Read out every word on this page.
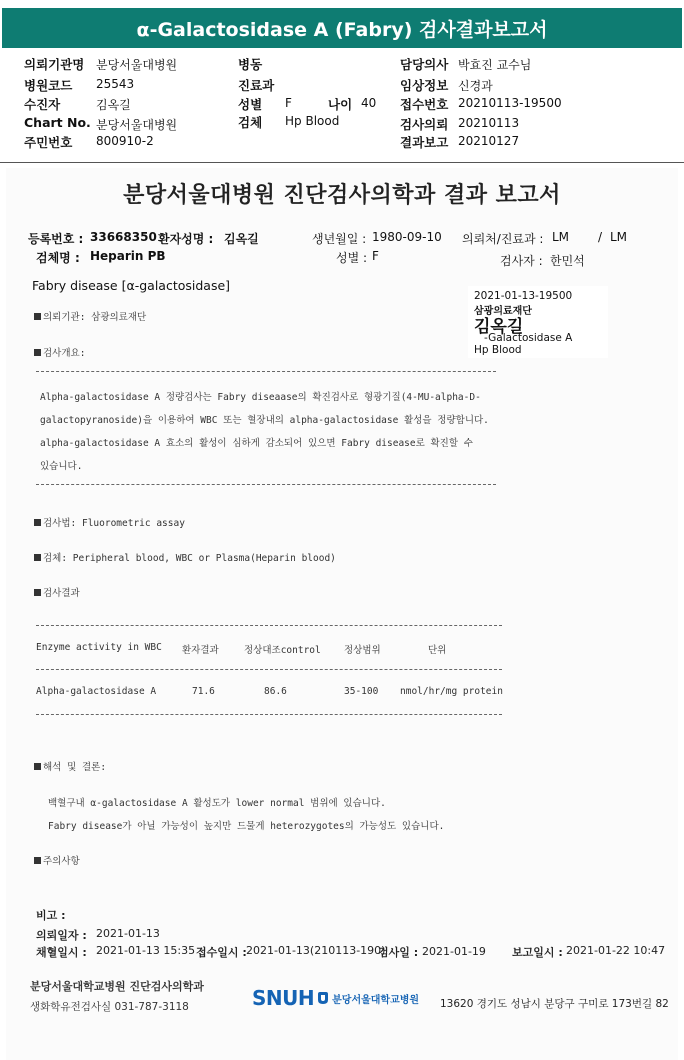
α-Galactosidase A (Fabry) 검사결과보고서
의뢰기관명 분당서울대병원
병원코드 25543
수진자	김옥길
Chart No. 분당서울대병원
주민번호 800910-2
병동
진료과
성별 F	나이 40
검체 Hp Blood
담당의사 박효진 교수님
임상정보 신경과
접수번호 20210113-19500
검사의뢰 20210113
결과보고 20210127
분당서울대병원 진단검사의학과 결과 보고서
등록번호 : 33668350 환자성명 : 김옥길	생년월일 : 1980-09-10 의뢰처/진료과 : LM / LM
검체명 : Heparin PB	성별 : F	검사자 : 한민석
Fabry disease [α-galactosidase]
2021-01-13-19500
삼광의료재단
김옥길
-Galactosidase A
Hp Blood
의뢰기관: 삼광의료재단
검사개요:
Alpha-galactosidase A 정량검사는 Fabry diseaase의 확진검사로 형광기질(4-MU-alpha-D-
galactopyranoside)을 이용하여 WBC 또는 혈장내의 alpha-galactosidase 활성을 정량합니다.
alpha-galactosidase A 효소의 활성이 심하게 감소되어 있으면 Fabry disease로 확진할 수
있습니다.
검사법: Fluorometric assay
검체: Peripheral blood, WBC or Plasma(Heparin blood)
검사결과
Enzyme activity in WBC 환자결과	정상대조control 정상범위	단위
Alpha-galactosidase A	71.6	86.6	35-100 nmol/hr/mg protein
해석 및 결론:
백혈구내 α-galactosidase A 활성도가 lower normal 범위에 있습니다.
Fabry disease가 아닐 가능성이 높지만 드물게 heterozygotes의 가능성도 있습니다.
주의사항
비고 :
의뢰일자 : 2021-01-13
채혈일시 : 2021-01-13 15:35 접수일시 : 2021-01-13(210113-190)
검사일 : 2021-01-19 보고일시 : 2021-01-22 10:47
분당서울대학교병원 진단검사의학과
생화학유전검사실 031-787-3118	SNUH 분당서울대학교병원 13620 경기도 성남시 분당구 구미로 173번길 82
